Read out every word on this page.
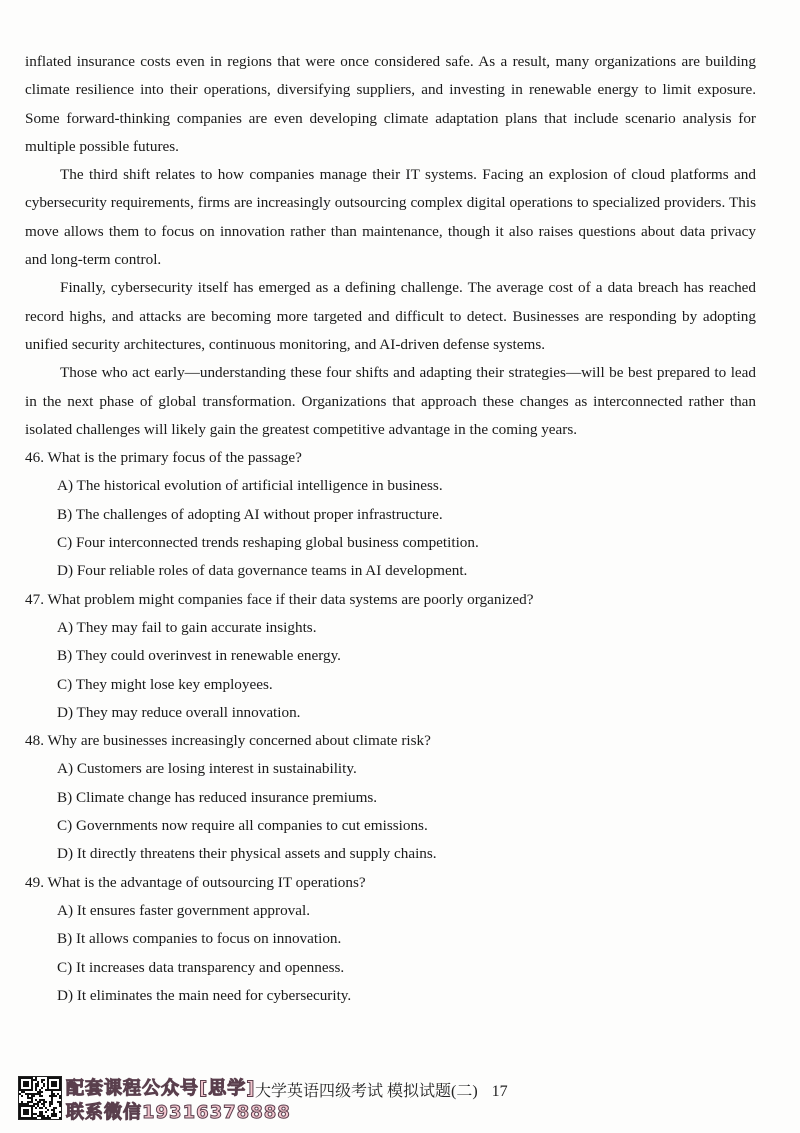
inflated insurance costs even in regions that were once considered safe. As a result, many organizations are building climate resilience into their operations, diversifying suppliers, and investing in renewable energy to limit exposure. Some forward-thinking companies are even developing climate adaptation plans that include scenario analysis for multiple possible futures.

The third shift relates to how companies manage their IT systems. Facing an explosion of cloud platforms and cybersecurity requirements, firms are increasingly outsourcing complex digital operations to specialized providers. This move allows them to focus on innovation rather than maintenance, though it also raises questions about data privacy and long-term control.

Finally, cybersecurity itself has emerged as a defining challenge. The average cost of a data breach has reached record highs, and attacks are becoming more targeted and difficult to detect. Businesses are responding by adopting unified security architectures, continuous monitoring, and AI-driven defense systems.

Those who act early—understanding these four shifts and adapting their strategies—will be best prepared to lead in the next phase of global transformation. Organizations that approach these changes as interconnected rather than isolated challenges will likely gain the greatest competitive advantage in the coming years.

46. What is the primary focus of the passage?

A) The historical evolution of artificial intelligence in business.

B) The challenges of adopting AI without proper infrastructure.

C) Four interconnected trends reshaping global business competition.

D) Four reliable roles of data governance teams in AI development.

47. What problem might companies face if their data systems are poorly organized?

A) They may fail to gain accurate insights.

B) They could overinvest in renewable energy.

C) They might lose key employees.

D) They may reduce overall innovation.

48. Why are businesses increasingly concerned about climate risk?

A) Customers are losing interest in sustainability.

B) Climate change has reduced insurance premiums.

C) Governments now require all companies to cut emissions.

D) It directly threatens their physical assets and supply chains.

49. What is the advantage of outsourcing IT operations?

A) It ensures faster government approval.

B) It allows companies to focus on innovation.

C) It increases data transparency and openness.

D) It eliminates the main need for cybersecurity.

配套课程公众号[思学]
联系微信19316378888
大学英语四级考试 模拟试题(二) 17
